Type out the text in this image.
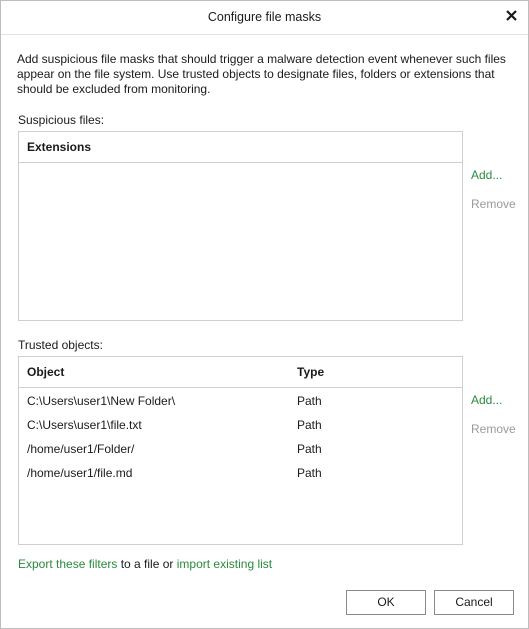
Configure file masks
Add suspicious file masks that should trigger a malware detection event whenever such files appear on the file system. Use trusted objects to designate files, folders or extensions that should be excluded from monitoring.
Suspicious files:
Extensions
Add...
Remove
Trusted objects:
Object	Type
C:\Users\user1\New Folder\	Path
C:\Users\user1\file.txt	Path
/home/user1/Folder/	Path
/home/user1/file.md	Path
Add...
Remove
Export these filters to a file or import existing list
OK	Cancel
